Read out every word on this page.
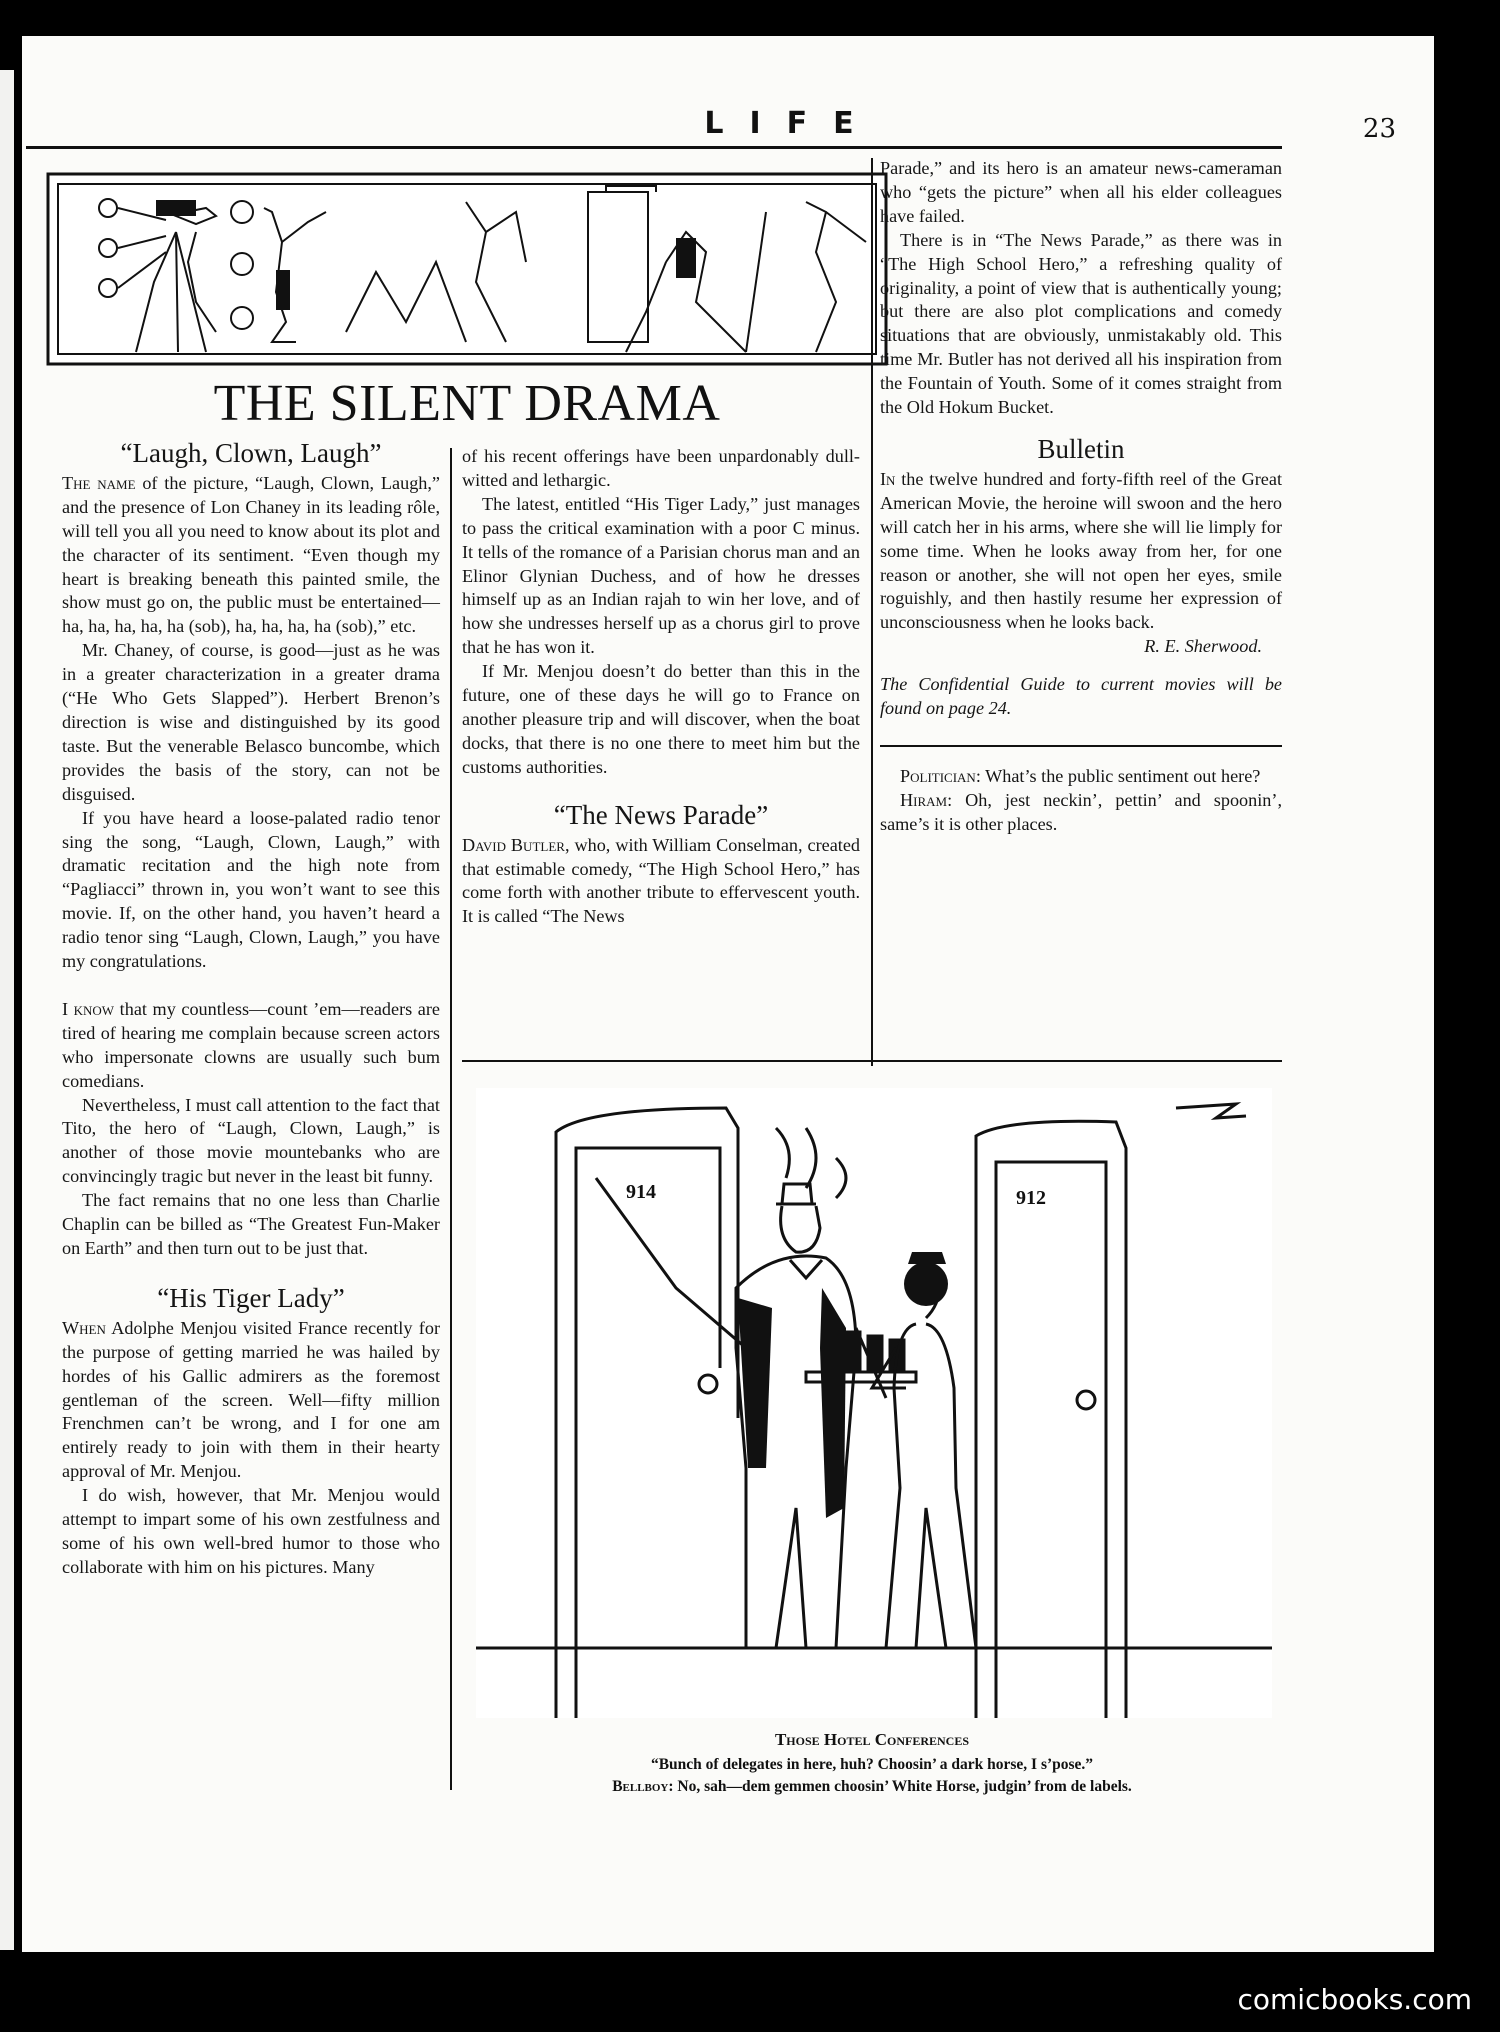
LIFE	23
THE SILENT DRAMA
“Laugh, Clown, Laugh”

The name of the picture, “Laugh, Clown, Laugh,” and the presence of Lon Chaney in its leading rôle, will tell you all you need to know about its plot and the character of its sentiment. “Even though my heart is breaking beneath this painted smile, the show must go on, the public must be entertained—ha, ha, ha, ha, ha (sob), ha, ha, ha, ha (sob),” etc.

Mr. Chaney, of course, is good—just as he was in a greater characterization in a greater drama (“He Who Gets Slapped”). Herbert Brenon’s direction is wise and distinguished by its good taste. But the venerable Belasco buncombe, which provides the basis of the story, can not be disguised.

If you have heard a loose-palated radio tenor sing the song, “Laugh, Clown, Laugh,” with dramatic recitation and the high note from “Pagliacci” thrown in, you won’t want to see this movie. If, on the other hand, you haven’t heard a radio tenor sing “Laugh, Clown, Laugh,” you have my congratulations.

I know that my countless—count ’em—readers are tired of hearing me complain because screen actors who impersonate clowns are usually such bum comedians.

Nevertheless, I must call attention to the fact that Tito, the hero of “Laugh, Clown, Laugh,” is another of those movie mountebanks who are convincingly tragic but never in the least bit funny.

The fact remains that no one less than Charlie Chaplin can be billed as “The Greatest Fun-Maker on Earth” and then turn out to be just that.

“His Tiger Lady”

When Adolphe Menjou visited France recently for the purpose of getting married he was hailed by hordes of his Gallic admirers as the foremost gentleman of the screen. Well—fifty million Frenchmen can’t be wrong, and I for one am entirely ready to join with them in their hearty approval of Mr. Menjou.

I do wish, however, that Mr. Menjou would attempt to impart some of his own zestfulness and some of his own well-bred humor to those who collaborate with him on his pictures. Many

of his recent offerings have been unpardonably dull-witted and lethargic.

The latest, entitled “His Tiger Lady,” just manages to pass the critical examination with a poor C minus. It tells of the romance of a Parisian chorus man and an Elinor Glynian Duchess, and of how he dresses himself up as an Indian rajah to win her love, and of how she undresses herself up as a chorus girl to prove that he has won it.

If Mr. Menjou doesn’t do better than this in the future, one of these days he will go to France on another pleasure trip and will discover, when the boat docks, that there is no one there to meet him but the customs authorities.

“The News Parade”

David Butler, who, with William Conselman, created that estimable comedy, “The High School Hero,” has come forth with another tribute to effervescent youth. It is called “The News

Parade,” and its hero is an amateur news-cameraman who “gets the picture” when all his elder colleagues have failed.

There is in “The News Parade,” as there was in “The High School Hero,” a refreshing quality of originality, a point of view that is authentically young; but there are also plot complications and comedy situations that are obviously, unmistakably old. This time Mr. Butler has not derived all his inspiration from the Fountain of Youth. Some of it comes straight from the Old Hokum Bucket.

Bulletin

In the twelve hundred and forty-fifth reel of the Great American Movie, the heroine will swoon and the hero will catch her in his arms, where she will lie limply for some time. When he looks away from her, for one reason or another, she will not open her eyes, smile roguishly, and then hastily resume her expression of unconsciousness when he looks back.

R. E. Sherwood.

The Confidential Guide to current movies will be found on page 24.

Politician: What’s the public sentiment out here?

Hiram: Oh, jest neckin’, pettin’ and spoonin’, same’s it is other places.

914	912
Those Hotel Conferences
“Bunch of delegates in here, huh? Choosin’ a dark horse, I s’pose.”
Bellboy: No, sah—dem gemmen choosin’ White Horse, judgin’ from de labels.
comicbooks.com
